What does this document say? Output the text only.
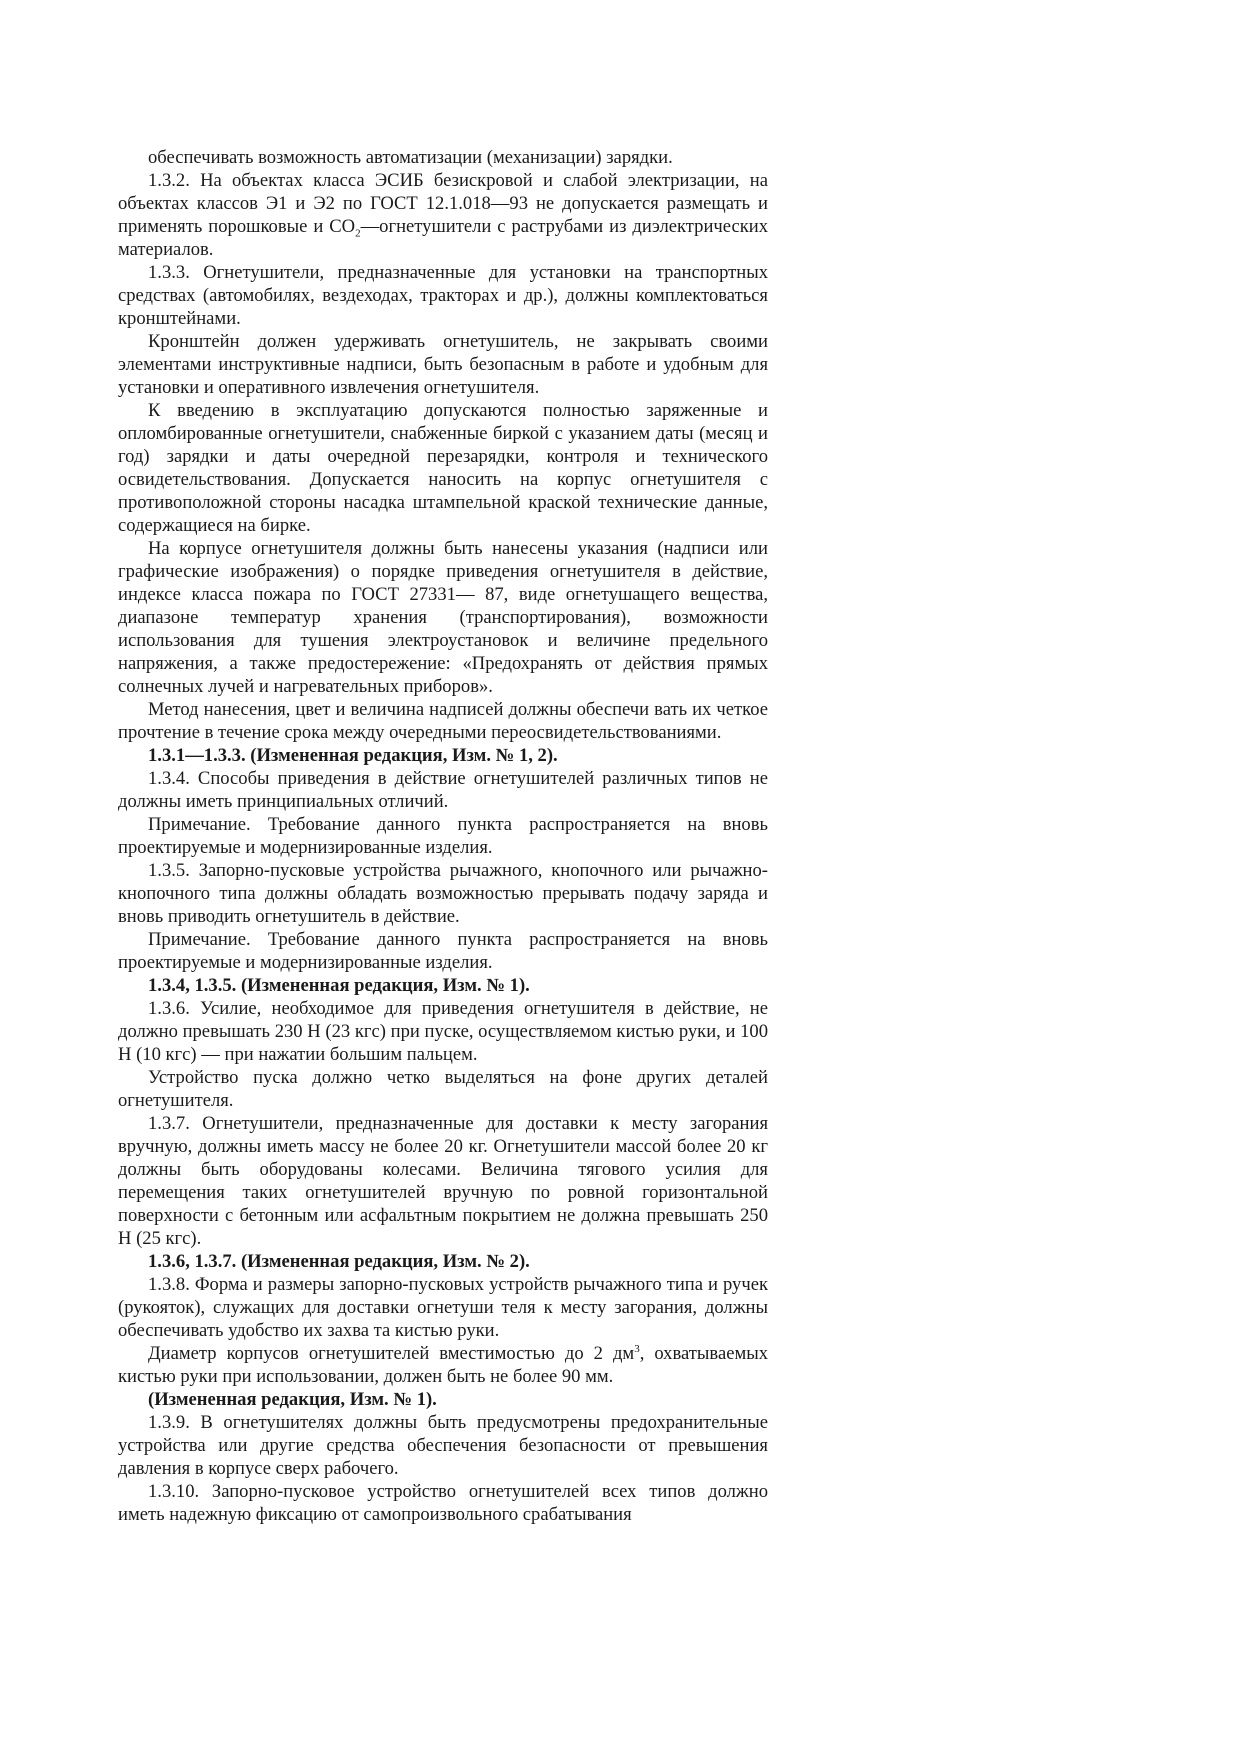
обеспечивать возможность автоматизации (механизации) зарядки.

1.3.2. На объектах класса ЭСИБ безискровой и слабой электризации, на объектах классов Э1 и Э2 по ГОСТ 12.1.018—93 не допускается размещать и применять порошковые и $СО_2—огнетушители$ с раструбами из диэлектрических материалов.

1.3.3. Огнетушители, предназначенные для установки на транспортных средствах (автомобилях, вездеходах, тракторах и др.), должны комплектоваться кронштейнами.

Кронштейн должен удерживать огнетушитель, не закрывать своими элементами инструктивные надписи, быть безопасным в работе и удобным для установки и оперативного извлечения огнетушителя.

К введению в эксплуатацию допускаются полностью заряженные и опломбированные огнетушители, снабженные биркой с указанием даты (месяц и год) зарядки и даты очередной перезарядки, контроля и технического освидетельствования. Допускается наносить на корпус огнетушителя с противоположной стороны насадка штампельной краской технические данные, содержащиеся на бирке.

На корпусе огнетушителя должны быть нанесены указания (надписи или графические изображения) о порядке приведения огнетушителя в действие, индексе класса пожара по ГОСТ 27331— 87, виде огнетушащего вещества, диапазоне температур хранения (транспортирования), возможности использования для тушения электроустановок и величине предельного напряжения, а также предостережение: «Предохранять от действия прямых солнечных лучей и нагревательных приборов».

Метод нанесения, цвет и величина надписей должны обеспечи вать их четкое прочтение в течение срока между очередными переосвидетельствованиями.

1.3.1—1.3.3. (Измененная редакция, Изм. № 1, 2).

1.3.4. Способы приведения в действие огнетушителей различных типов не должны иметь принципиальных отличий.

Примечание. Требование данного пункта распространяется на вновь проектируемые и модернизированные изделия.

1.3.5. Запорно-пусковые устройства рычажного, кнопочного или рычажно-кнопочного типа должны обладать возможностью прерывать подачу заряда и вновь приводить огнетушитель в действие.

Примечание. Требование данного пункта распространяется на вновь проектируемые и модернизированные изделия.

1.3.4, 1.3.5. (Измененная редакция, Изм. № 1).

1.3.6. Усилие, необходимое для приведения огнетушителя в действие, не должно превышать 230 Н (23 кгс) при пуске, осуществляемом кистью руки, и 100 Н (10 кгс) — при нажатии большим пальцем.

Устройство пуска должно четко выделяться на фоне других деталей огнетушителя.

1.3.7. Огнетушители, предназначенные для доставки к месту загорания вручную, должны иметь массу не более 20 кг. Огнетушители массой более 20 кг должны быть оборудованы колесами. Величина тягового усилия для перемещения таких огнетушителей вручную по ровной горизонтальной поверхности с бетонным или асфальтным покрытием не должна превышать 250 Н (25 кгс).

1.3.6, 1.3.7. (Измененная редакция, Изм. № 2).

1.3.8. Форма и размеры запорно-пусковых устройств рычажного типа и ручек (рукояток), служащих для доставки огнетуши теля к месту загорания, должны обеспечивать удобство их захва та кистью руки.

Диаметр корпусов огнетушителей вместимостью до 2 $дм^3$, охватываемых кистью руки при использовании, должен быть не более 90 мм.

(Измененная редакция, Изм. № 1).

1.3.9. В огнетушителях должны быть предусмотрены предохранительные устройства или другие средства обеспечения безопасности от превышения давления в корпусе сверх рабочего.

1.3.10. Запорно-пусковое устройство огнетушителей всех типов должно иметь надежную фиксацию от самопроизвольного срабатывания
